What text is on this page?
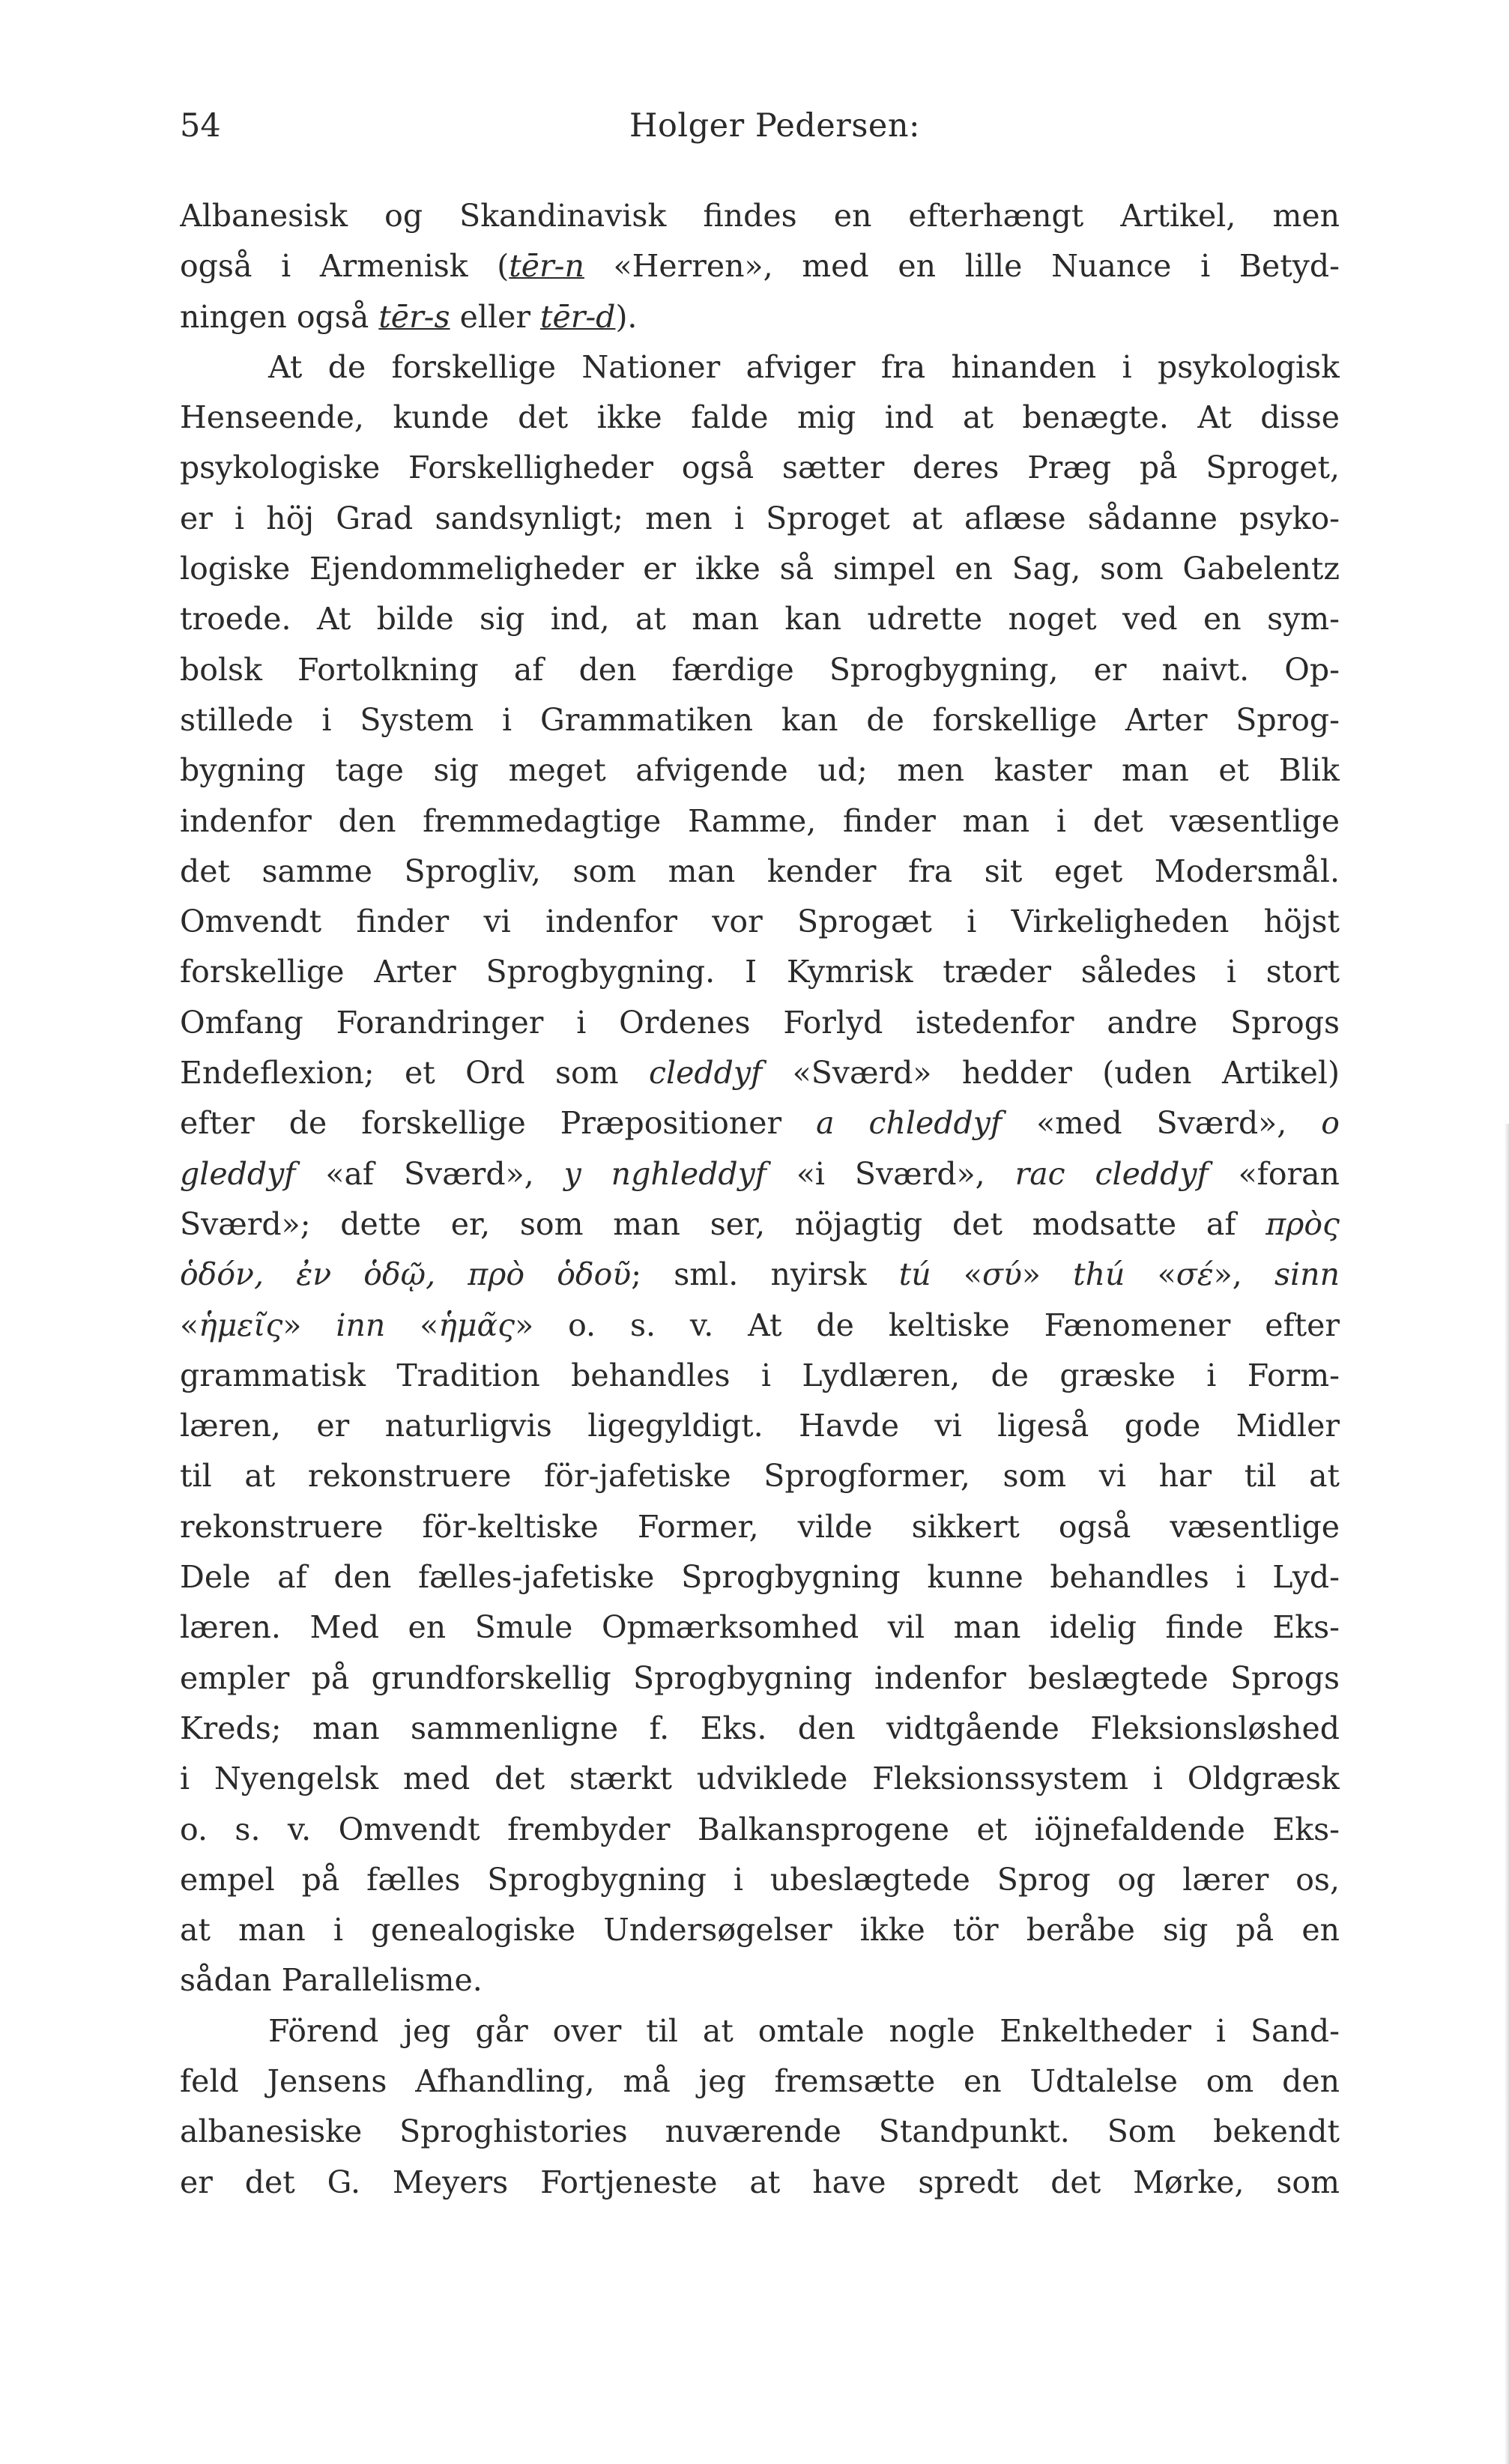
54	Holger Pedersen:
Albanesisk og Skandinavisk findes en efterhængt Artikel, men
også i Armenisk (tēr-n «Herren», med en lille Nuance i Betyd-
ningen også tēr-s eller tēr-d).
At de forskellige Nationer afviger fra hinanden i psykologisk
Henseende, kunde det ikke falde mig ind at benægte. At disse
psykologiske Forskelligheder også sætter deres Præg på Sproget,
er i höj Grad sandsynligt; men i Sproget at aflæse sådanne psyko-
logiske Ejendommeligheder er ikke så simpel en Sag, som Gabelentz
troede. At bilde sig ind, at man kan udrette noget ved en sym-
bolsk Fortolkning af den færdige Sprogbygning, er naivt. Op-
stillede i System i Grammatiken kan de forskellige Arter Sprog-
bygning tage sig meget afvigende ud; men kaster man et Blik
indenfor den fremmedagtige Ramme, finder man i det væsentlige
det samme Sprogliv, som man kender fra sit eget Modersmål.
Omvendt finder vi indenfor vor Sprogæt i Virkeligheden höjst
forskellige Arter Sprogbygning. I Kymrisk træder således i stort
Omfang Forandringer i Ordenes Forlyd istedenfor andre Sprogs
Endeflexion; et Ord som cleddyf «Sværd» hedder (uden Artikel)
efter de forskellige Præpositioner a chleddyf «med Sværd», o
gleddyf «af Sværd», y nghleddyf «i Sværd», rac cleddyf «foran
Sværd»; dette er, som man ser, nöjagtig det modsatte af πρὸς
ὁδόν, ἐν ὁδῷ, πρὸ ὁδοῦ; sml. nyirsk tú «σύ» thú «σέ», sinn
«ἡμεῖς» inn «ἡμᾶς» o. s. v. At de keltiske Fænomener efter
grammatisk Tradition behandles i Lydlæren, de græske i Form-
læren, er naturligvis ligegyldigt. Havde vi ligeså gode Midler
til at rekonstruere för-jafetiske Sprogformer, som vi har til at
rekonstruere för-keltiske Former, vilde sikkert også væsentlige
Dele af den fælles-jafetiske Sprogbygning kunne behandles i Lyd-
læren. Med en Smule Opmærksomhed vil man idelig finde Eks-
empler på grundforskellig Sprogbygning indenfor beslægtede Sprogs
Kreds; man sammenligne f. Eks. den vidtgående Fleksionsløshed
i Nyengelsk med det stærkt udviklede Fleksionssystem i Oldgræsk
o. s. v. Omvendt frembyder Balkansprogene et iöjnefaldende Eks-
empel på fælles Sprogbygning i ubeslægtede Sprog og lærer os,
at man i genealogiske Undersøgelser ikke tör beråbe sig på en
sådan Parallelisme.
Förend jeg går over til at omtale nogle Enkeltheder i Sand-
feld Jensens Afhandling, må jeg fremsætte en Udtalelse om den
albanesiske Sproghistories nuværende Standpunkt. Som bekendt
er det G. Meyers Fortjeneste at have spredt det Mørke, som
